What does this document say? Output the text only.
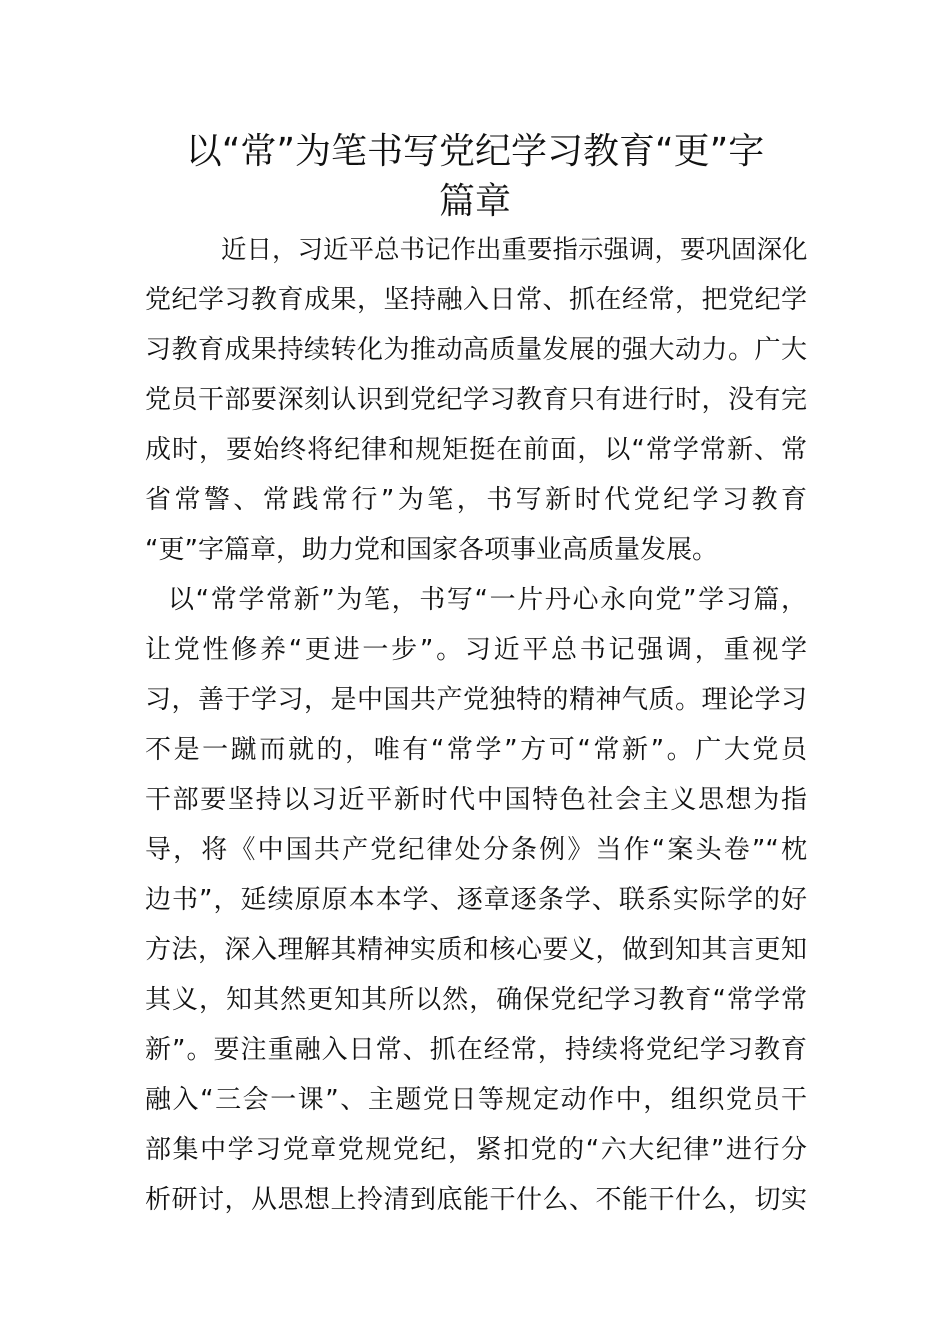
以“常”为笔书写党纪学习教育“更”字
篇章
近日，习近平总书记作出重要指示强调，要巩固深化
党纪学习教育成果，坚持融入日常、抓在经常，把党纪学
习教育成果持续转化为推动高质量发展的强大动力。广大
党员干部要深刻认识到党纪学习教育只有进行时，没有完
成时，要始终将纪律和规矩挺在前面，以“常学常新、常
省常警、常践常行”为笔，书写新时代党纪学习教育
“更”字篇章，助力党和国家各项事业高质量发展。
以“常学常新”为笔，书写“一片丹心永向党”学习篇，
让党性修养“更进一步”。习近平总书记强调，重视学
习，善于学习，是中国共产党独特的精神气质。理论学习
不是一蹴而就的，唯有“常学”方可“常新”。广大党员
干部要坚持以习近平新时代中国特色社会主义思想为指
导，将《中国共产党纪律处分条例》当作“案头卷”“枕
边书”，延续原原本本学、逐章逐条学、联系实际学的好
方法，深入理解其精神实质和核心要义，做到知其言更知
其义，知其然更知其所以然，确保党纪学习教育“常学常
新”。要注重融入日常、抓在经常，持续将党纪学习教育
融入“三会一课”、主题党日等规定动作中，组织党员干
部集中学习党章党规党纪，紧扣党的“六大纪律”进行分
析研讨，从思想上拎清到底能干什么、不能干什么，切实
